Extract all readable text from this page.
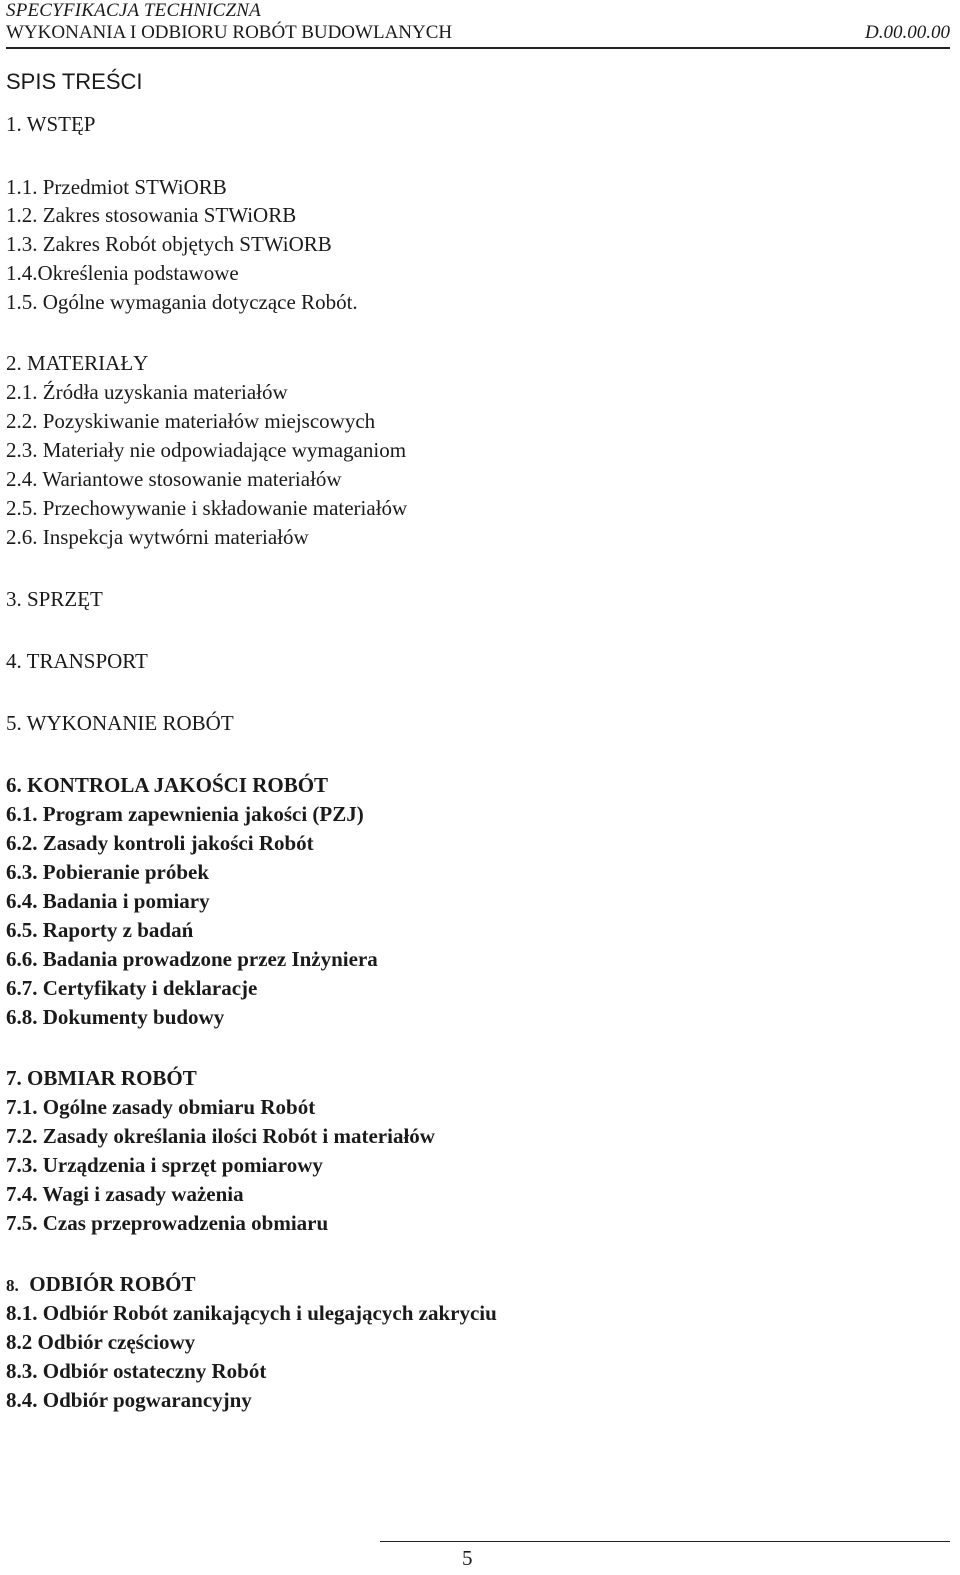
SPECYFIKACJA TECHNICZNA
WYKONANIA I ODBIORU ROBÓT BUDOWLANYCH	D.00.00.00
SPIS TREŚCI
1. WSTĘP
1.1. Przedmiot STWiORB
1.2. Zakres stosowania STWiORB
1.3. Zakres Robót objętych STWiORB
1.4.Określenia podstawowe
1.5. Ogólne wymagania dotyczące Robót.
2. MATERIAŁY
2.1. Źródła uzyskania materiałów
2.2. Pozyskiwanie materiałów miejscowych
2.3. Materiały nie odpowiadające wymaganiom
2.4. Wariantowe stosowanie materiałów
2.5. Przechowywanie i składowanie materiałów
2.6. Inspekcja wytwórni materiałów
3. SPRZĘT
4. TRANSPORT
5. WYKONANIE ROBÓT
6. KONTROLA JAKOŚCI ROBÓT
6.1. Program zapewnienia jakości (PZJ)
6.2. Zasady kontroli jakości Robót
6.3. Pobieranie próbek
6.4. Badania i pomiary
6.5. Raporty z badań
6.6. Badania prowadzone przez Inżyniera
6.7. Certyfikaty i deklaracje
6.8. Dokumenty budowy
7. OBMIAR ROBÓT
7.1. Ogólne zasady obmiaru Robót
7.2. Zasady określania ilości Robót i materiałów
7.3. Urządzenia i sprzęt pomiarowy
7.4. Wagi i zasady ważenia
7.5. Czas przeprowadzenia obmiaru
8. ODBIÓR ROBÓT
8.1. Odbiór Robót zanikających i ulegających zakryciu
8.2 Odbiór częściowy
8.3. Odbiór ostateczny Robót
8.4. Odbiór pogwarancyjny
5
